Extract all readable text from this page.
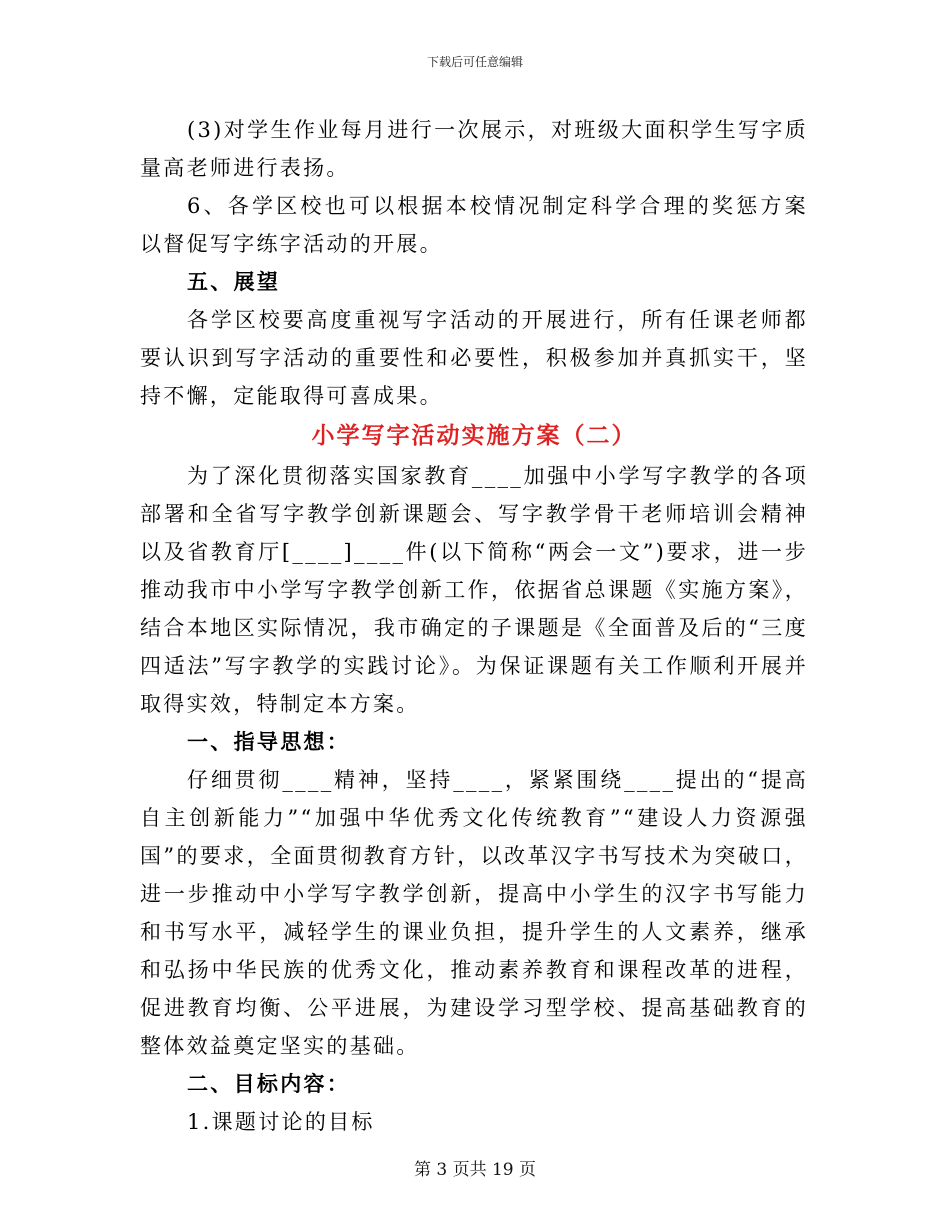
下载后可任意编辑

(3)对学生作业每月进行一次展示，对班级大面积学生写字质量高老师进行表扬。

6、各学区校也可以根据本校情况制定科学合理的奖惩方案以督促写字练字活动的开展。

五、展望

各学区校要高度重视写字活动的开展进行，所有任课老师都要认识到写字活动的重要性和必要性，积极参加并真抓实干，坚持不懈，定能取得可喜成果。

小学写字活动实施方案（二）

为了深化贯彻落实国家教育____加强中小学写字教学的各项部署和全省写字教学创新课题会、写字教学骨干老师培训会精神以及省教育厅[____]____件(以下简称“两会一文”)要求，进一步推动我市中小学写字教学创新工作，依据省总课题《实施方案》，结合本地区实际情况，我市确定的子课题是《全面普及后的“三度四适法”写字教学的实践讨论》。为保证课题有关工作顺利开展并取得实效，特制定本方案。

一、指导思想：

仔细贯彻____精神，坚持____，紧紧围绕____提出的“提高自主创新能力”“加强中华优秀文化传统教育”“建设人力资源强国”的要求，全面贯彻教育方针，以改革汉字书写技术为突破口，进一步推动中小学写字教学创新，提高中小学生的汉字书写能力和书写水平，减轻学生的课业负担，提升学生的人文素养，继承和弘扬中华民族的优秀文化，推动素养教育和课程改革的进程，促进教育均衡、公平进展，为建设学习型学校、提高基础教育的整体效益奠定坚实的基础。

二、目标内容：

1.课题讨论的目标

第 3 页共 19 页
